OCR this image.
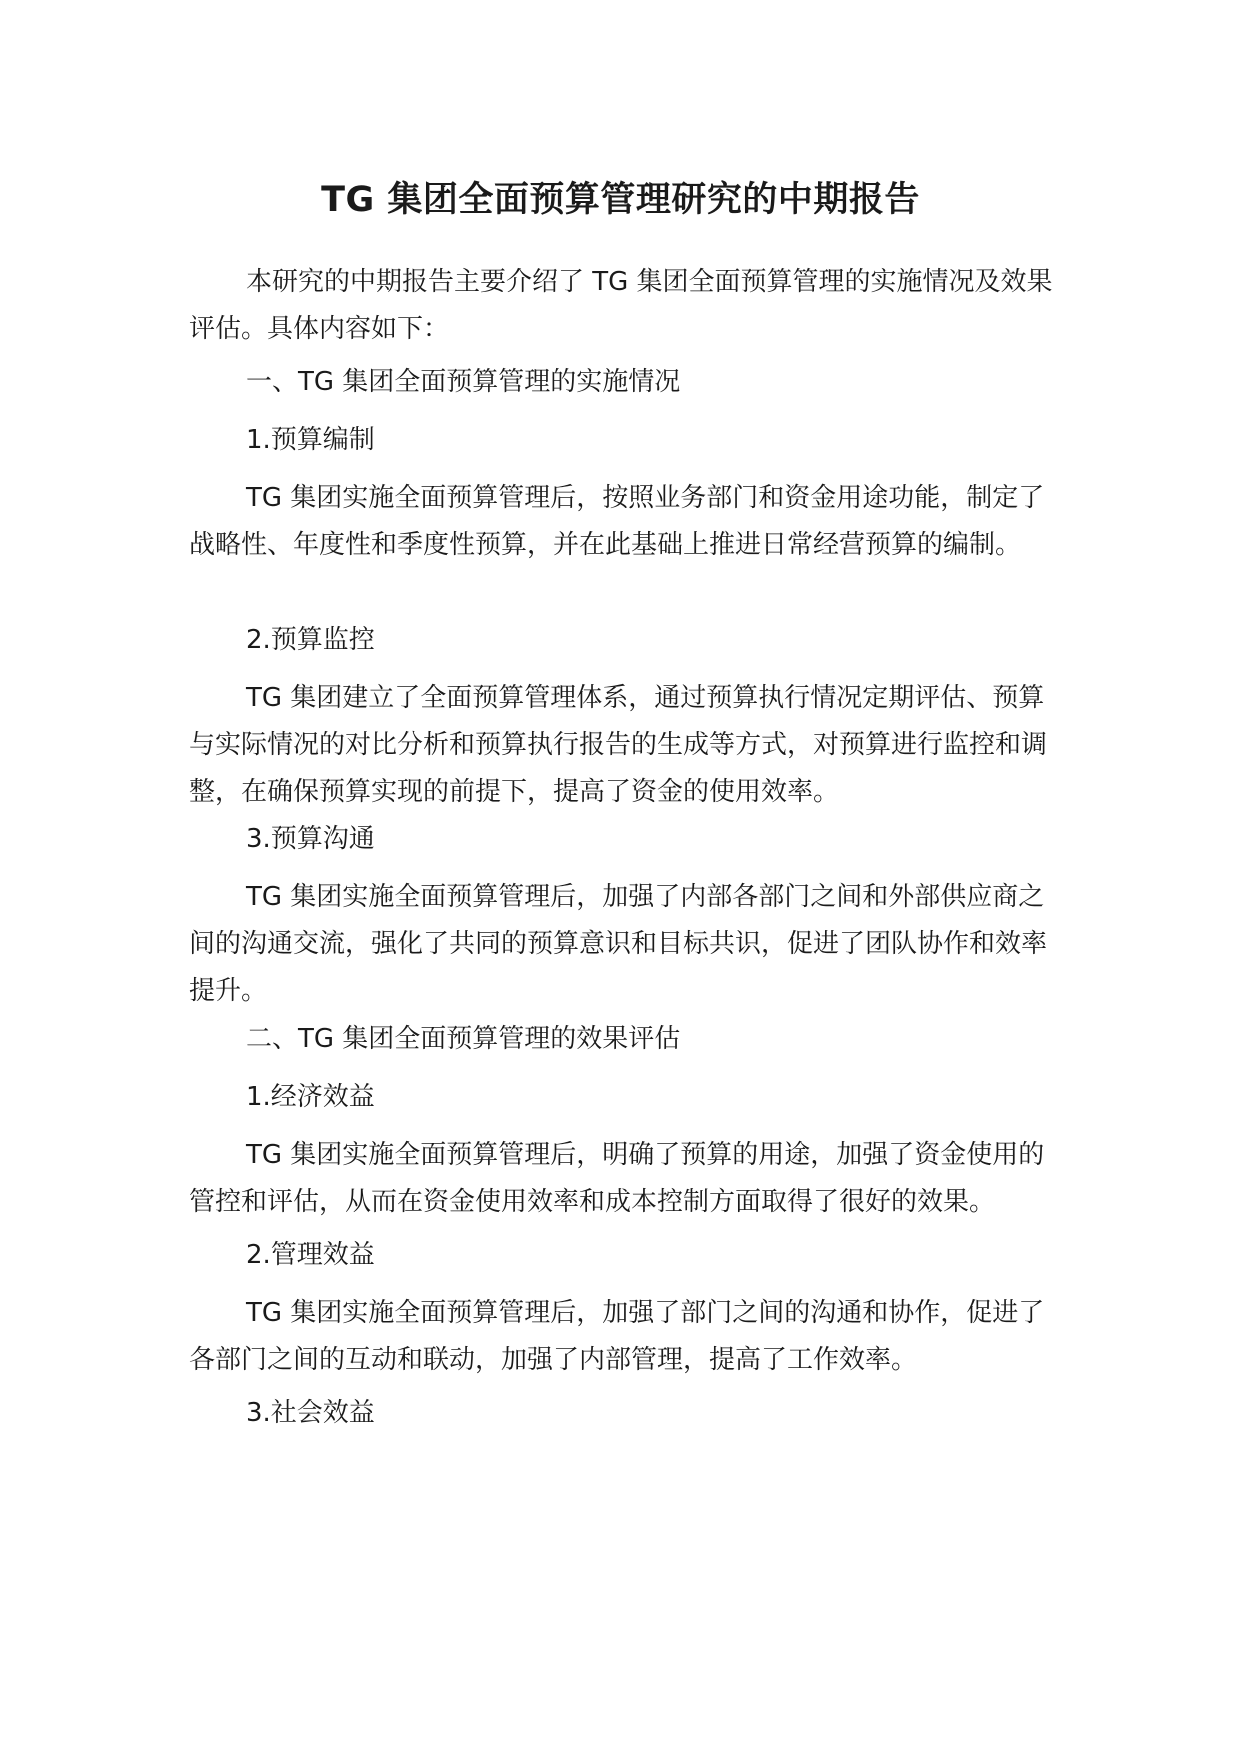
TG 集团全面预算管理研究的中期报告

本研究的中期报告主要介绍了 TG 集团全面预算管理的实施情况及效果评估。具体内容如下：

一、TG 集团全面预算管理的实施情况

1.预算编制

TG 集团实施全面预算管理后，按照业务部门和资金用途功能，制定了战略性、年度性和季度性预算，并在此基础上推进日常经营预算的编制。

2.预算监控

TG 集团建立了全面预算管理体系，通过预算执行情况定期评估、预算与实际情况的对比分析和预算执行报告的生成等方式，对预算进行监控和调整，在确保预算实现的前提下，提高了资金的使用效率。

3.预算沟通

TG 集团实施全面预算管理后，加强了内部各部门之间和外部供应商之间的沟通交流，强化了共同的预算意识和目标共识，促进了团队协作和效率提升。

二、TG 集团全面预算管理的效果评估

1.经济效益

TG 集团实施全面预算管理后，明确了预算的用途，加强了资金使用的管控和评估，从而在资金使用效率和成本控制方面取得了很好的效果。

2.管理效益

TG 集团实施全面预算管理后，加强了部门之间的沟通和协作，促进了各部门之间的互动和联动，加强了内部管理，提高了工作效率。

3.社会效益
